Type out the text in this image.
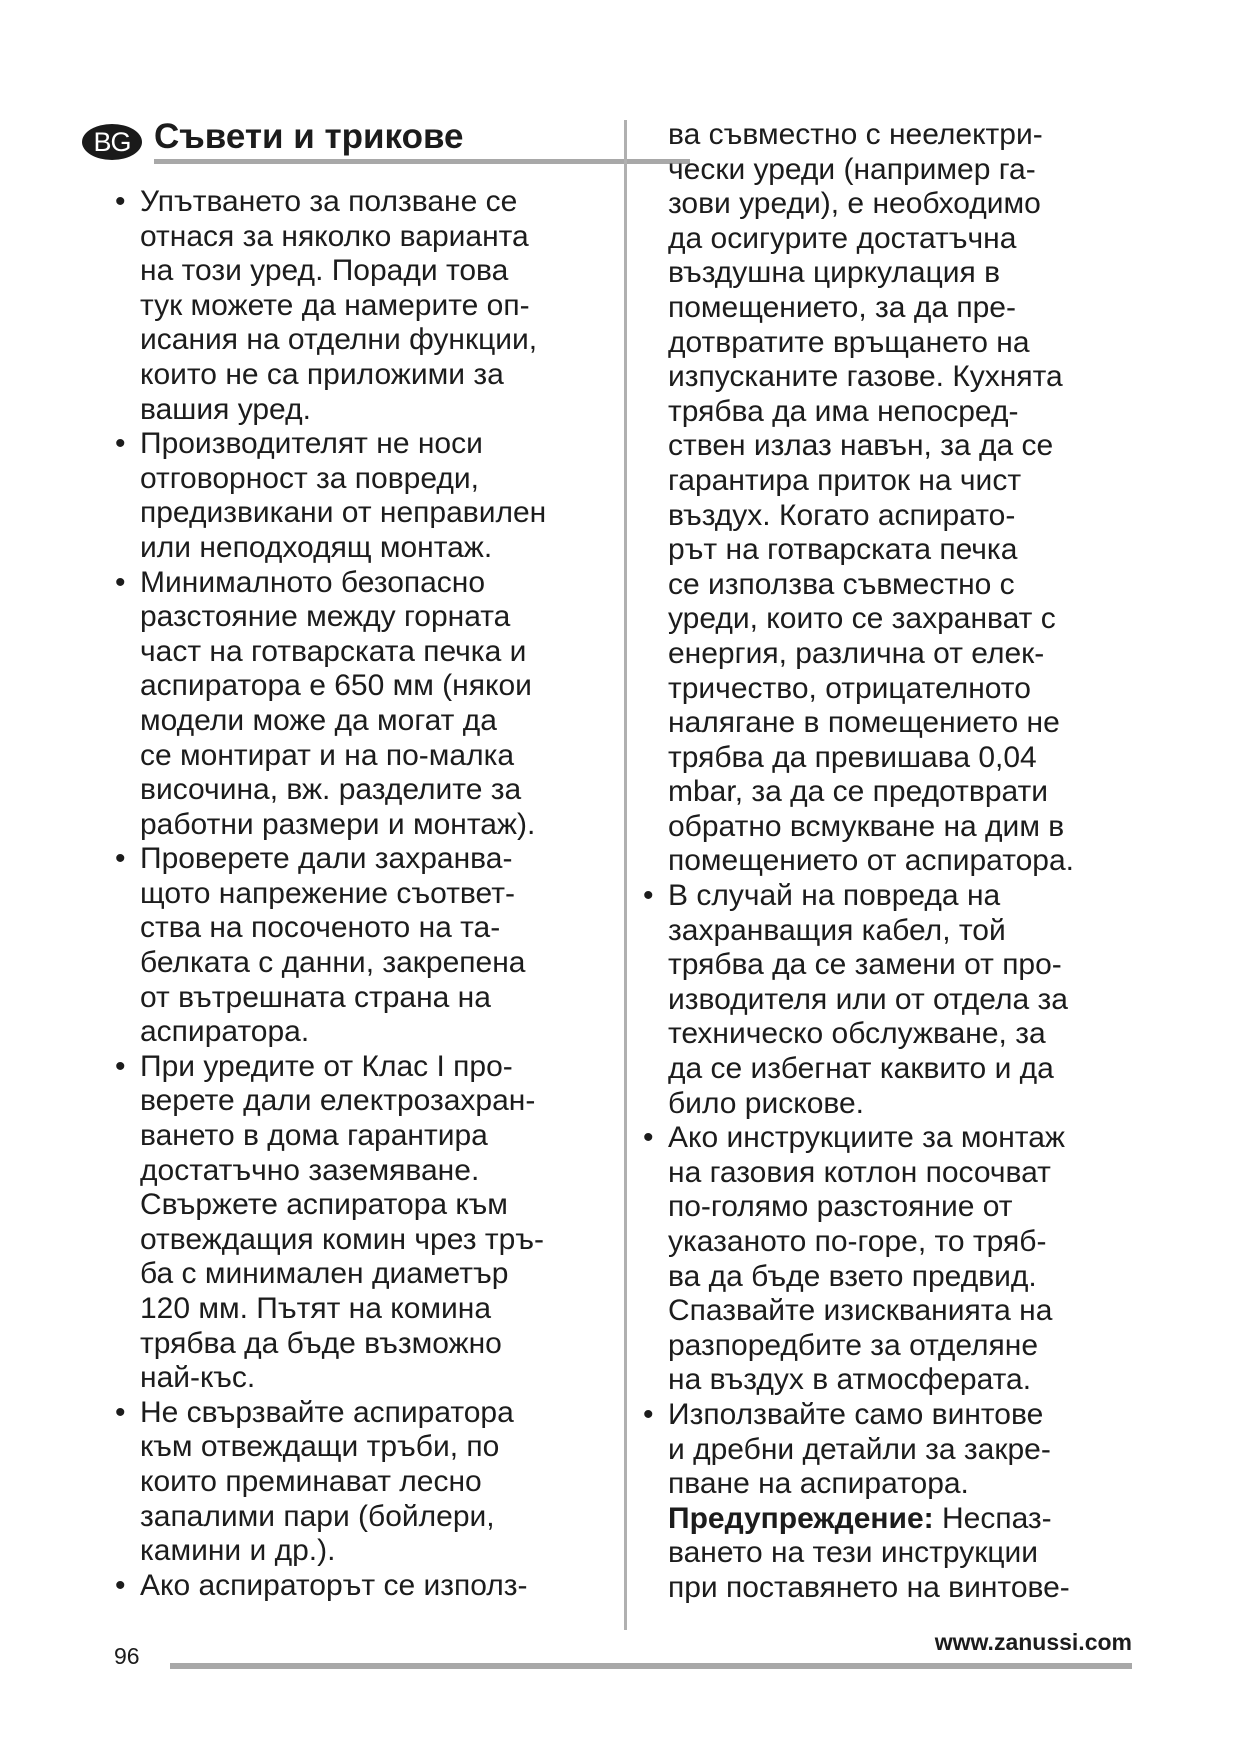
BG Съвети и трикове
• Упътването за ползване се
отнася за няколко варианта
на този уред. Поради това
тук можете да намерите оп-
исания на отделни функции,
които не са приложими за
вашия уред.
• Производителят не носи
отговорност за повреди,
предизвикани от неправилен
или неподходящ монтаж.
• Минималното безопасно
разстояние между горната
част на готварската печка и
аспиратора е 650 мм (някои
модели може да могат да
се монтират и на по-малка
височина, вж. разделите за
работни размери и монтаж).
• Проверете дали захранва-
щото напрежение съответ-
ства на посоченото на та-
белката с данни, закрепена
от вътрешната страна на
аспиратора.
• При уредите от Клас I про-
верете дали електрозахран-
ването в дома гарантира
достатъчно заземяване.
Свържете аспиратора към
отвеждащия комин чрез тръ-
ба с минимален диаметър
120 мм. Пътят на комина
трябва да бъде възможно
най-къс.
• Не свързвайте аспиратора
към отвеждащи тръби, по
които преминават лесно
запалими пари (бойлери,
камини и др.).
• Ако аспираторът се използ-
ва съвместно с неелектри-
чески уреди (например га-
зови уреди), е необходимо
да осигурите достатъчна
въздушна циркулация в
помещението, за да пре-
дотвратите връщането на
изпусканите газове. Кухнята
трябва да има непосред-
ствен излаз навън, за да се
гарантира приток на чист
въздух. Когато аспирато-
рът на готварската печка
се използва съвместно с
уреди, които се захранват с
енергия, различна от елек-
тричество, отрицателното
налягане в помещението не
трябва да превишава 0,04
mbar, за да се предотврати
обратно всмукване на дим в
помещението от аспиратора.
• В случай на повреда на
захранващия кабел, той
трябва да се замени от про-
изводителя или от отдела за
техническо обслужване, за
да се избегнат каквито и да
било рискове.
• Ако инструкциите за монтаж
на газовия котлон посочват
по-голямо разстояние от
указаното по-горе, то тряб-
ва да бъде взето предвид.
Спазвайте изискванията на
разпоредбите за отделяне
на въздух в атмосферата.
• Използвайте само винтове
и дребни детайли за закре-
пване на аспиратора.
Предупреждение: Неспаз-
ването на тези инструкции
при поставянето на винтове-
96
www.zanussi.com
